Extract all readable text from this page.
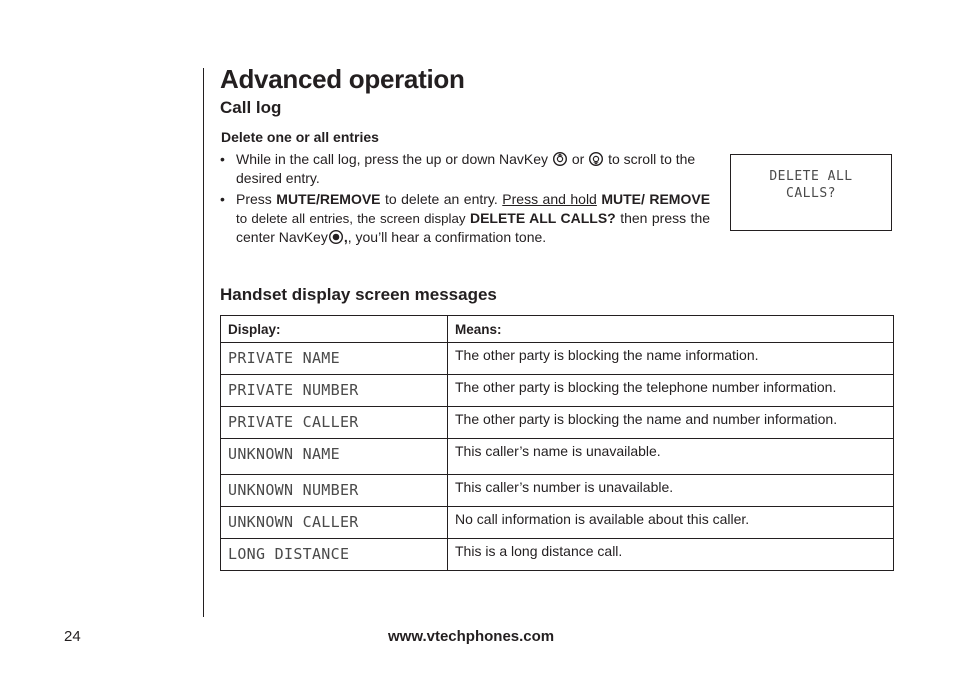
Advanced operation
Call log
Delete one or all entries
• While in the call log, press the up or down NavKey or to scroll to the desired entry.
• Press MUTE/REMOVE to delete an entry. Press and hold MUTE/ REMOVE to delete all entries, the screen display DELETE ALL CALLS? then press the center NavKey ,, you’ll hear a confirmation tone.
DELETE ALL
CALLS?
Handset display screen messages
Display:	Means:
PRIVATE NAME	The other party is blocking the name information.
PRIVATE NUMBER	The other party is blocking the telephone number information.
PRIVATE CALLER	The other party is blocking the name and number information.
UNKNOWN NAME	This caller’s name is unavailable.
UNKNOWN NUMBER	This caller’s number is unavailable.
UNKNOWN CALLER	No call information is available about this caller.
LONG DISTANCE	This is a long distance call.
24	www.vtechphones.com
